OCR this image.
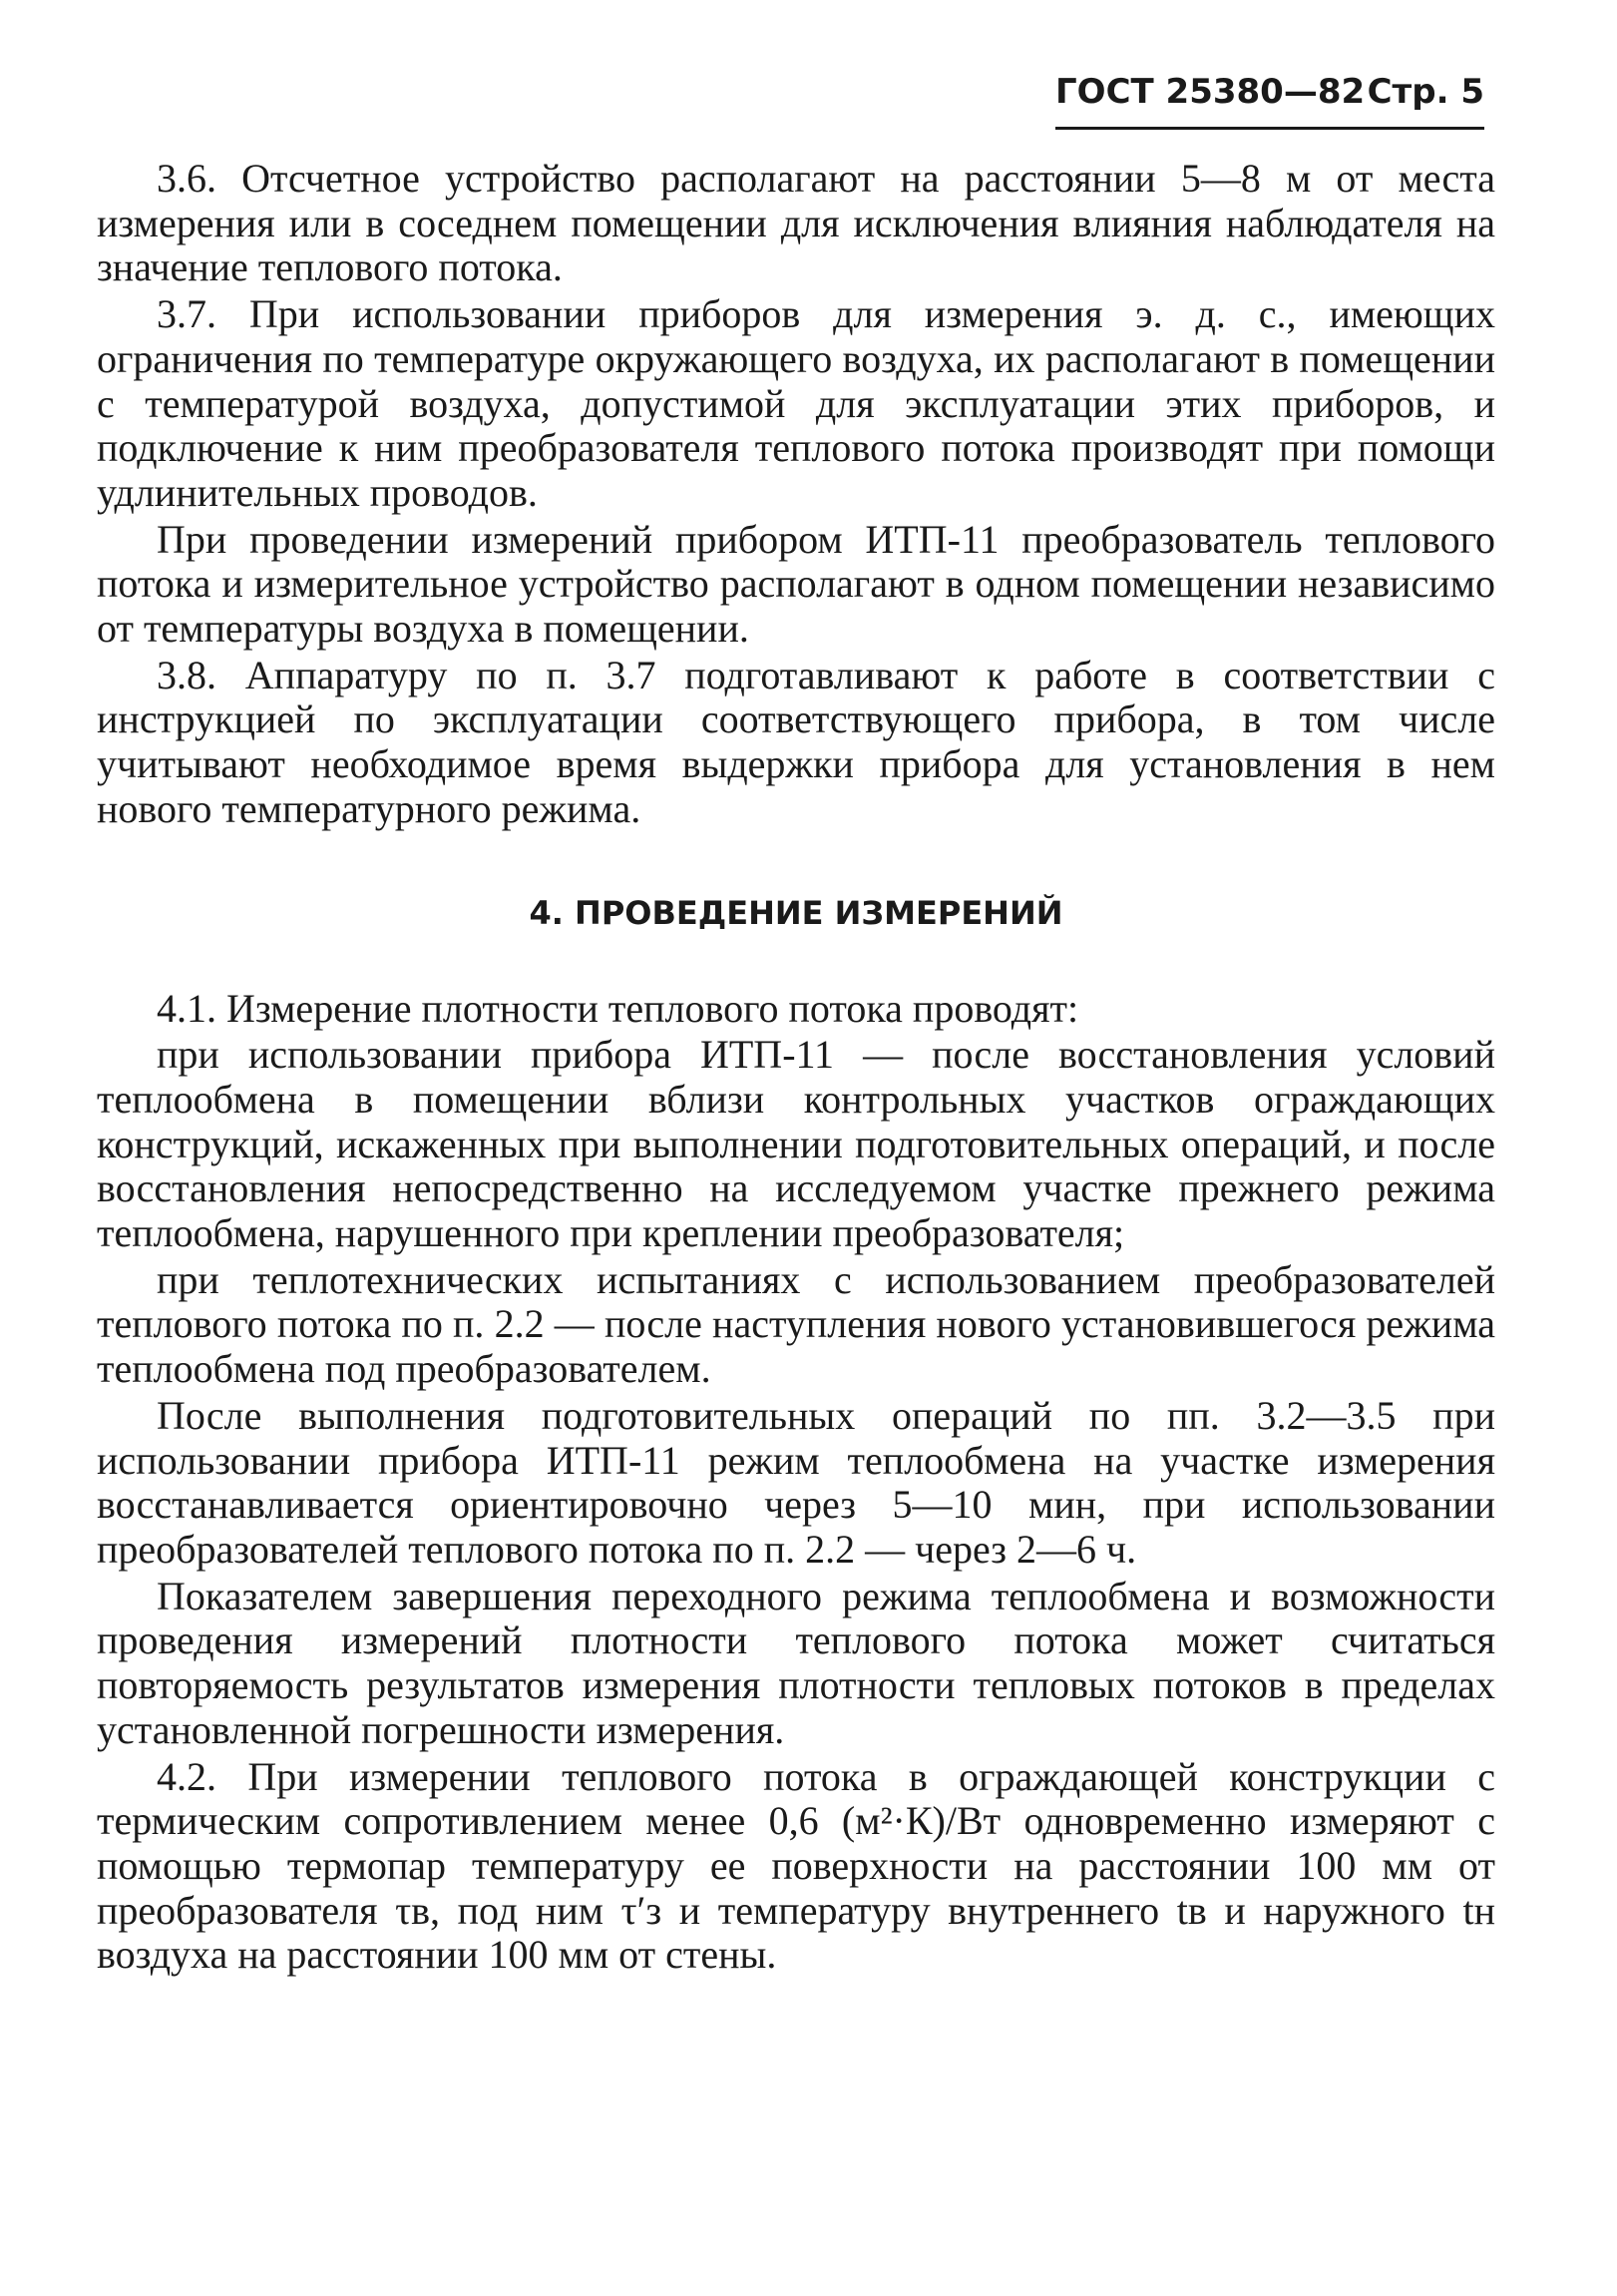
ГОСТ 25380—82 Стр. 5

3.6. Отсчетное устройство располагают на расстоянии 5—8 м от места измерения или в соседнем помещении для исключения влияния наблюдателя на значение теплового потока.

3.7. При использовании приборов для измерения э. д. с., имеющих ограничения по температуре окружающего воздуха, их располагают в помещении с температурой воздуха, допустимой для эксплуатации этих приборов, и подключение к ним преобразователя теплового потока производят при помощи удлинительных проводов.

При проведении измерений прибором ИТП-11 преобразователь теплового потока и измерительное устройство располагают в одном помещении независимо от температуры воздуха в помещении.

3.8. Аппаратуру по п. 3.7 подготавливают к работе в соответствии с инструкцией по эксплуатации соответствующего прибора, в том числе учитывают необходимое время выдержки прибора для установления в нем нового температурного режима.

4. ПРОВЕДЕНИЕ ИЗМЕРЕНИЙ

4.1. Измерение плотности теплового потока проводят:

при использовании прибора ИТП-11 — после восстановления условий теплообмена в помещении вблизи контрольных участков ограждающих конструкций, искаженных при выполнении подготовительных операций, и после восстановления непосредственно на исследуемом участке прежнего режима теплообмена, нарушенного при креплении преобразователя;

при теплотехнических испытаниях с использованием преобразователей теплового потока по п. 2.2 — после наступления нового установившегося режима теплообмена под преобразователем.

После выполнения подготовительных операций по пп. 3.2—3.5 при использовании прибора ИТП-11 режим теплообмена на участке измерения восстанавливается ориентировочно через 5—10 мин, при использовании преобразователей теплового потока по п. 2.2 — через 2—6 ч.

Показателем завершения переходного режима теплообмена и возможности проведения измерений плотности теплового потока может считаться повторяемость результатов измерения плотности тепловых потоков в пределах установленной погрешности измерения.

4.2. При измерении теплового потока в ограждающей конструкции с термическим сопротивлением менее 0,6 (м²·К)/Вт одновременно измеряют с помощью термопар температуру ее поверхности на расстоянии 100 мм от преобразователя τв, под ним τ′з и температуру внутреннего tв и наружного tн воздуха на расстоянии 100 мм от стены.
